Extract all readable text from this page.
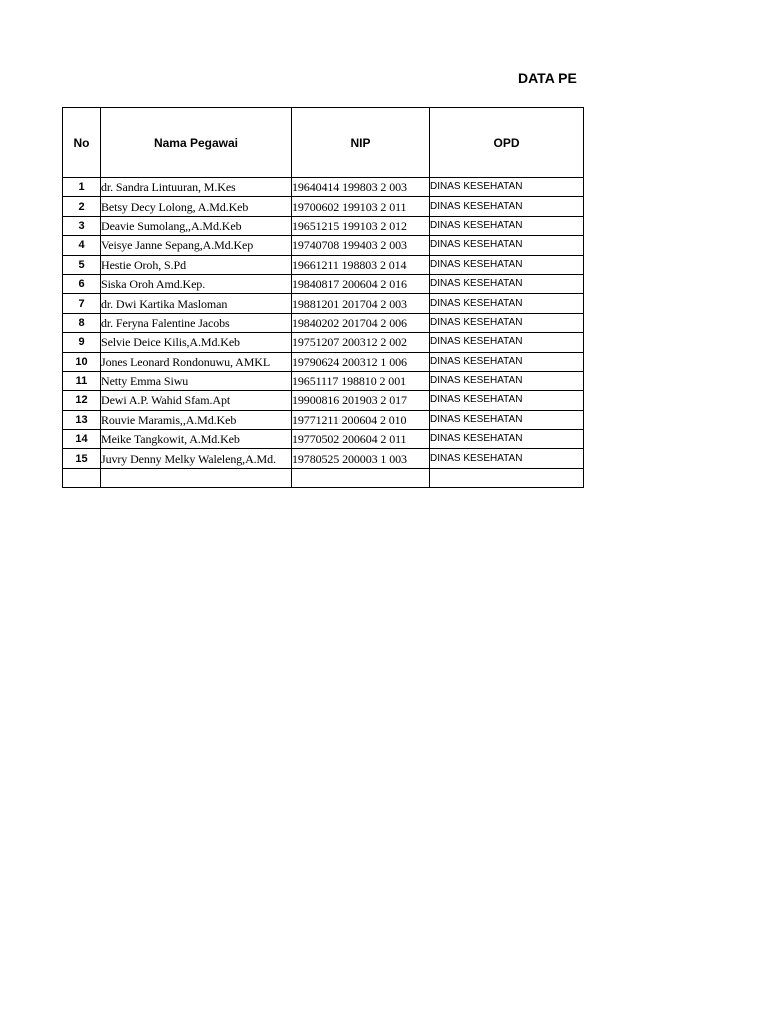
DATA PE
No	Nama Pegawai	NIP	OPD
1	dr. Sandra Lintuuran, M.Kes	19640414 199803 2 003	DINAS KESEHATAN
2	Betsy Decy Lolong, A.Md.Keb	19700602 199103 2 011	DINAS KESEHATAN
3	Deavie Sumolang,,A.Md.Keb	19651215 199103 2 012	DINAS KESEHATAN
4	Veisye Janne Sepang,A.Md.Kep	19740708 199403 2 003	DINAS KESEHATAN
5	Hestie Oroh, S.Pd	19661211 198803 2 014	DINAS KESEHATAN
6	Siska Oroh Amd.Kep.	19840817 200604 2 016	DINAS KESEHATAN
7	dr. Dwi Kartika Masloman	19881201 201704 2 003	DINAS KESEHATAN
8	dr. Feryna Falentine Jacobs	19840202 201704 2 006	DINAS KESEHATAN
9	Selvie Deice Kilis,A.Md.Keb	19751207 200312 2 002	DINAS KESEHATAN
10	Jones Leonard Rondonuwu, AMKL	19790624 200312 1 006	DINAS KESEHATAN
11	Netty Emma Siwu	19651117 198810 2 001	DINAS KESEHATAN
12	Dewi A.P. Wahid Sfam.Apt	19900816 201903 2 017	DINAS KESEHATAN
13	Rouvie Maramis,,A.Md.Keb	19771211 200604 2 010	DINAS KESEHATAN
14	Meike Tangkowit, A.Md.Keb	19770502 200604 2 011	DINAS KESEHATAN
15	Juvry Denny Melky Waleleng,A.Md.	19780525 200003 1 003	DINAS KESEHATAN
